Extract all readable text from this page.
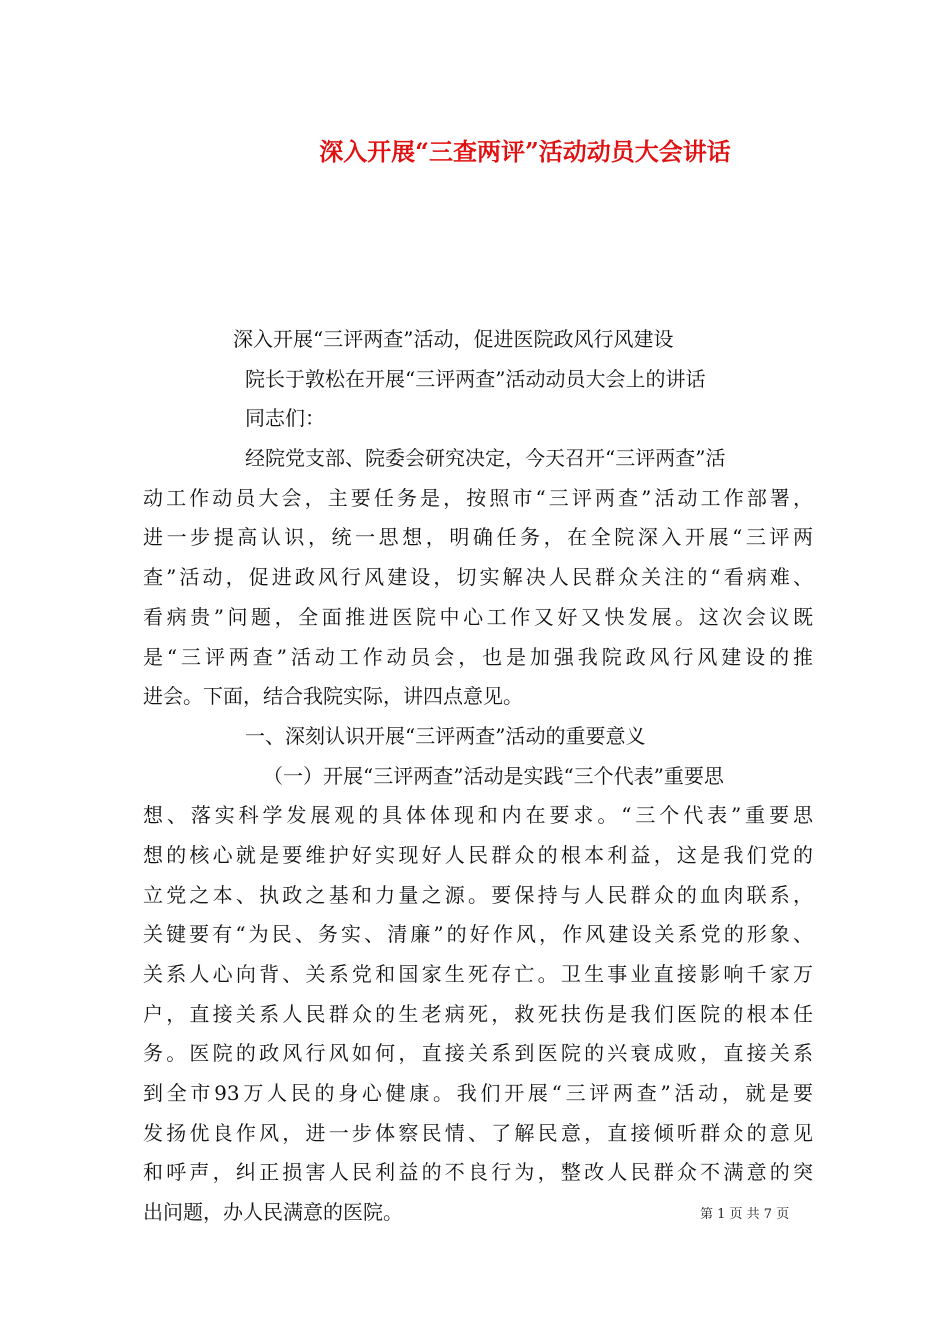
深入开展“三查两评”活动动员大会讲话
深入开展“三评两查”活动，促进医院政风行风建设
院长于敦松在开展“三评两查”活动动员大会上的讲话
同志们：
经院党支部、院委会研究决定，今天召开“三评两查”活
动工作动员大会，主要任务是，按照市“三评两查”活动工作部署，
进一步提高认识，统一思想，明确任务，在全院深入开展“三评两
查”活动，促进政风行风建设，切实解决人民群众关注的“看病难、
看病贵”问题，全面推进医院中心工作又好又快发展。这次会议既
是“三评两查”活动工作动员会，也是加强我院政风行风建设的推
进会。下面，结合我院实际，讲四点意见。
一、深刻认识开展“三评两查”活动的重要意义
（一）开展“三评两查”活动是实践“三个代表”重要思
想、落实科学发展观的具体体现和内在要求。“三个代表”重要思
想的核心就是要维护好实现好人民群众的根本利益，这是我们党的
立党之本、执政之基和力量之源。要保持与人民群众的血肉联系，
关键要有“为民、务实、清廉”的好作风，作风建设关系党的形象、
关系人心向背、关系党和国家生死存亡。卫生事业直接影响千家万
户，直接关系人民群众的生老病死，救死扶伤是我们医院的根本任
务。医院的政风行风如何，直接关系到医院的兴衰成败，直接关系
到全市93万人民的身心健康。我们开展“三评两查”活动，就是要
发扬优良作风，进一步体察民情、了解民意，直接倾听群众的意见
和呼声，纠正损害人民利益的不良行为，整改人民群众不满意的突
出问题，办人民满意的医院。	第 1 页 共 7 页
